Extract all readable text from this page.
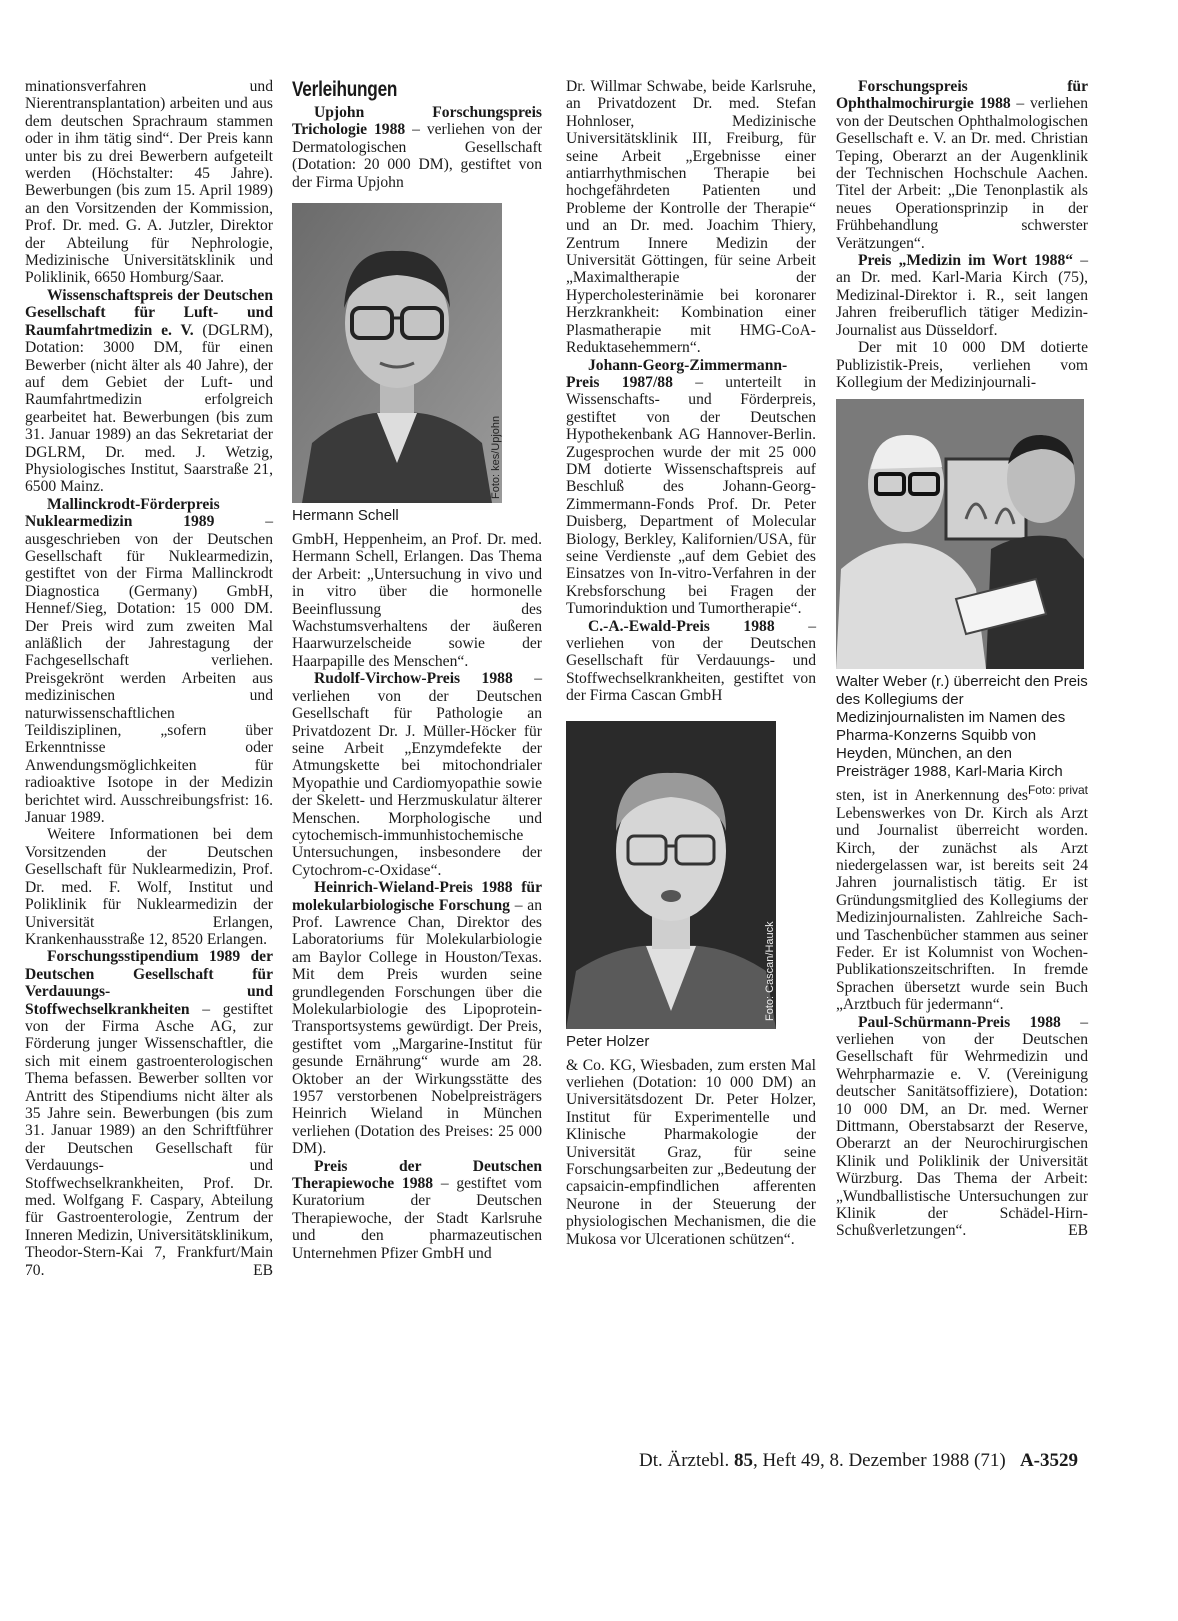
minationsverfahren und Nierentransplantation) arbeiten und aus dem deutschen Sprachraum stammen oder in ihm tätig sind“. Der Preis kann unter bis zu drei Bewerbern aufgeteilt werden (Höchstalter: 45 Jahre). Bewerbungen (bis zum 15. April 1989) an den Vorsitzenden der Kommission, Prof. Dr. med. G. A. Jutzler, Direktor der Abteilung für Nephrologie, Medizinische Universitätsklinik und Poliklinik, 6650 Homburg/Saar.

Wissenschaftspreis der Deutschen Gesellschaft für Luft- und Raumfahrtmedizin e. V. (DGLRM), Dotation: 3000 DM, für einen Bewerber (nicht älter als 40 Jahre), der auf dem Gebiet der Luft- und Raumfahrtmedizin erfolgreich gearbeitet hat. Bewerbungen (bis zum 31. Januar 1989) an das Sekretariat der DGLRM, Dr. med. J. Wetzig, Physiologisches Institut, Saarstraße 21, 6500 Mainz.

Mallinckrodt-Förderpreis Nuklearmedizin 1989 – ausgeschrieben von der Deutschen Gesellschaft für Nuklearmedizin, gestiftet von der Firma Mallinckrodt Diagnostica (Germany) GmbH, Hennef/Sieg, Dotation: 15 000 DM. Der Preis wird zum zweiten Mal anläßlich der Jahrestagung der Fachgesellschaft verliehen. Preisgekrönt werden Arbeiten aus medizinischen und naturwissenschaftlichen Teildisziplinen, „sofern über Erkenntnisse oder Anwendungsmöglichkeiten für radioaktive Isotope in der Medizin berichtet wird. Ausschreibungsfrist: 16. Januar 1989.

Weitere Informationen bei dem Vorsitzenden der Deutschen Gesellschaft für Nuklearmedizin, Prof. Dr. med. F. Wolf, Institut und Poliklinik für Nuklearmedizin der Universität Erlangen, Krankenhausstraße 12, 8520 Erlangen.

Forschungsstipendium 1989 der Deutschen Gesellschaft für Verdauungs- und Stoffwechselkrankheiten – gestiftet von der Firma Asche AG, zur Förderung junger Wissenschaftler, die sich mit einem gastroenterologischen Thema befassen. Bewerber sollten vor Antritt des Stipendiums nicht älter als 35 Jahre sein. Bewerbungen (bis zum 31. Januar 1989) an den Schriftführer der Deutschen Gesellschaft für Verdauungs- und Stoffwechselkrankheiten, Prof. Dr. med. Wolfgang F. Caspary, Abteilung für Gastroenterologie, Zentrum der Inneren Medizin, Universitätsklinikum, Theodor-Stern-Kai 7, Frankfurt/Main 70.	EB

Verleihungen

Upjohn Forschungspreis Trichologie 1988 – verliehen von der Dermatologischen Gesellschaft (Dotation: 20 000 DM), gestiftet von der Firma Upjohn

Foto: kes/Upjohn
Hermann Schell

GmbH, Heppenheim, an Prof. Dr. med. Hermann Schell, Erlangen. Das Thema der Arbeit: „Untersuchung in vivo und in vitro über die hormonelle Beeinflussung des Wachstumsverhaltens der äußeren Haarwurzelscheide sowie der Haarpapille des Menschen“.

Rudolf-Virchow-Preis 1988 – verliehen von der Deutschen Gesellschaft für Pathologie an Privatdozent Dr. J. Müller-Höcker für seine Arbeit „Enzymdefekte der Atmungskette bei mitochondrialer Myopathie und Cardiomyopathie sowie der Skelett- und Herzmuskulatur älterer Menschen. Morphologische und cytochemisch-immunhistochemische Untersuchungen, insbesondere der Cytochrom-c-Oxidase“.

Heinrich-Wieland-Preis 1988 für molekularbiologische Forschung – an Prof. Lawrence Chan, Direktor des Laboratoriums für Molekularbiologie am Baylor College in Houston/Texas. Mit dem Preis wurden seine grundlegenden Forschungen über die Molekularbiologie des Lipoprotein-Transportsystems gewürdigt. Der Preis, gestiftet vom „Margarine-Institut für gesunde Ernährung“ wurde am 28. Oktober an der Wirkungsstätte des 1957 verstorbenen Nobelpreisträgers Heinrich Wieland in München verliehen (Dotation des Preises: 25 000 DM).

Preis der Deutschen Therapiewoche 1988 – gestiftet vom Kuratorium der Deutschen Therapiewoche, der Stadt Karlsruhe und den pharmazeutischen Unternehmen Pfizer GmbH und

Dr. Willmar Schwabe, beide Karlsruhe, an Privatdozent Dr. med. Stefan Hohnloser, Medizinische Universitätsklinik III, Freiburg, für seine Arbeit „Ergebnisse einer antiarrhythmischen Therapie bei hochgefährdeten Patienten und Probleme der Kontrolle der Therapie“ und an Dr. med. Joachim Thiery, Zentrum Innere Medizin der Universität Göttingen, für seine Arbeit „Maximaltherapie der Hypercholesterinämie bei koronarer Herzkrankheit: Kombination einer Plasmatherapie mit HMG-CoA-Reduktasehemmern“.

Johann-Georg-Zimmermann-Preis 1987/88 – unterteilt in Wissenschafts- und Förderpreis, gestiftet von der Deutschen Hypothekenbank AG Hannover-Berlin. Zugesprochen wurde der mit 25 000 DM dotierte Wissenschaftspreis auf Beschluß des Johann-Georg-Zimmermann-Fonds Prof. Dr. Peter Duisberg, Department of Molecular Biology, Berkley, Kalifornien/USA, für seine Verdienste „auf dem Gebiet des Einsatzes von In-vitro-Verfahren in der Krebsforschung bei Fragen der Tumorinduktion und Tumortherapie“.

C.-A.-Ewald-Preis 1988 – verliehen von der Deutschen Gesellschaft für Verdauungs- und Stoffwechselkrankheiten, gestiftet von der Firma Cascan GmbH

Foto: Cascan/Hauck
Peter Holzer

& Co. KG, Wiesbaden, zum ersten Mal verliehen (Dotation: 10 000 DM) an Universitätsdozent Dr. Peter Holzer, Institut für Experimentelle und Klinische Pharmakologie der Universität Graz, für seine Forschungsarbeiten zur „Bedeutung der capsaicin-empfindlichen afferenten Neurone in der Steuerung der physiologischen Mechanismen, die die Mukosa vor Ulcerationen schützen“.

Forschungspreis für Ophthalmochirurgie 1988 – verliehen von der Deutschen Ophthalmologischen Gesellschaft e. V. an Dr. med. Christian Teping, Oberarzt an der Augenklinik der Technischen Hochschule Aachen. Titel der Arbeit: „Die Tenonplastik als neues Operationsprinzip in der Frühbehandlung schwerster Verätzungen“.

Preis „Medizin im Wort 1988“ – an Dr. med. Karl-Maria Kirch (75), Medizinal-Direktor i. R., seit langen Jahren freiberuflich tätiger Medizin-Journalist aus Düsseldorf.

Der mit 10 000 DM dotierte Publizistik-Preis, verliehen vom Kollegium der Medizinjournali-

Walter Weber (r.) überreicht den Preis des Kollegiums der Medizinjournalisten im Namen des Pharma-Konzerns Squibb von Heyden, München, an den Preisträger 1988, Karl-Maria Kirch
Foto: privat

sten, ist in Anerkennung des Lebenswerkes von Dr. Kirch als Arzt und Journalist überreicht worden. Kirch, der zunächst als Arzt niedergelassen war, ist bereits seit 24 Jahren journalistisch tätig. Er ist Gründungsmitglied des Kollegiums der Medizinjournalisten. Zahlreiche Sach- und Taschenbücher stammen aus seiner Feder. Er ist Kolumnist von Wochen-Publikationszeitschriften. In fremde Sprachen übersetzt wurde sein Buch „Arztbuch für jedermann“.

Paul-Schürmann-Preis 1988 – verliehen von der Deutschen Gesellschaft für Wehrmedizin und Wehrpharmazie e. V. (Vereinigung deutscher Sanitätsoffiziere), Dotation: 10 000 DM, an Dr. med. Werner Dittmann, Oberstabsarzt der Reserve, Oberarzt an der Neurochirurgischen Klinik und Poliklinik der Universität Würzburg. Das Thema der Arbeit: „Wundballistische Untersuchungen zur Klinik der Schädel-Hirn-Schußverletzungen“.	EB

Dt. Ärztebl. 85, Heft 49, 8. Dezember 1988 (71) A-3529
